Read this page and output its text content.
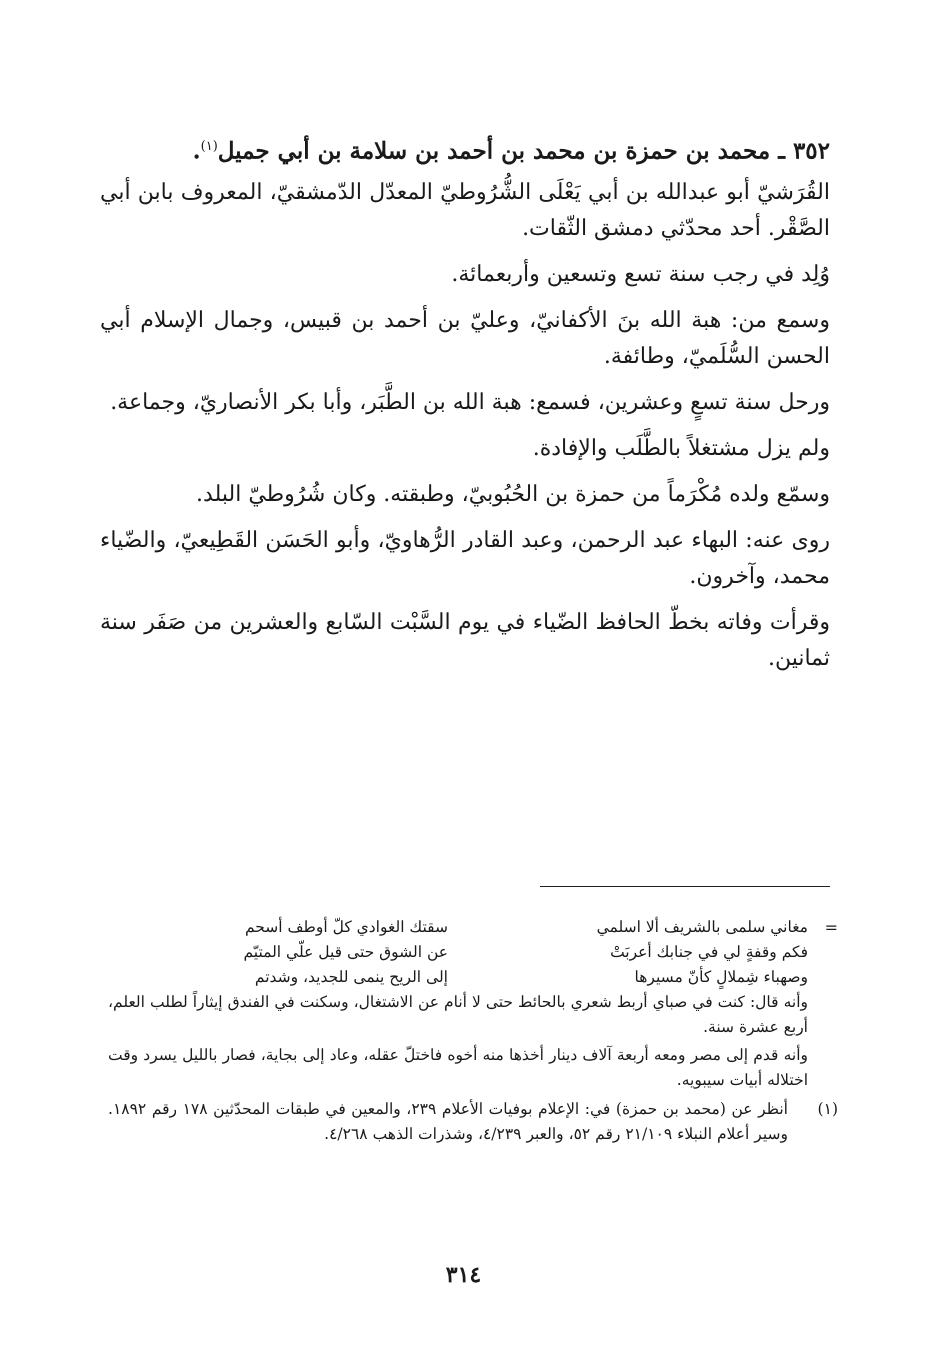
٣٥٢ ـ محمد بن حمزة بن محمد بن أحمد بن سلامة بن أبي جميل$^{(١)}$.

القُرَشيّ أبو عبدالله بن أبي يَعْلَى الشُّرُوطيّ المعدّل الدّمشقيّ، المعروف بابن أبي الصَّقْر. أحد محدّثي دمشق الثّقات.

وُلِد في رجب سنة تسع وتسعين وأربعمائة.

وسمع من: هبة الله بنَ الأكفانيّ، وعليّ بن أحمد بن قبيس، وجمال الإسلام أبي الحسن السُّلَميّ، وطائفة.

ورحل سنة تسعٍ وعشرين، فسمع: هبة الله بن الطَّبَر، وأبا بكر الأنصاريّ، وجماعة.

ولم يزل مشتغلاً بالطَّلَب والإفادة.

وسمّع ولده مُكْرَماً من حمزة بن الحُبُوبيّ، وطبقته. وكان شُرُوطيّ البلد.

روى عنه: البهاء عبد الرحمن، وعبد القادر الرُّهاويّ، وأبو الحَسَن القَطِيعيّ، والضّياء محمد، وآخرون.

وقرأت وفاته بخطّ الحافظ الضّياء في يوم السَّبْت السّابع والعشرين من صَفَر سنة ثمانين.

=
مغاني سلمى بالشريف ألا اسلمي
سقتك الغوادي كلّ أوطف أسحم
فكم وقفةٍ لي في جنابك أعربَتْ
عن الشوق حتى قيل علّي المتيّم
وصهباء شِملالٍ كأنّ مسيرها
إلى الريح ينمى للجديد، وشدتم

وأنه قال: كنت في صباي أربط شعري بالحائط حتى لا أنام عن الاشتغال، وسكنت في الفندق إيثاراً لطلب العلم، أربع عشرة سنة.

وأنه قدم إلى مصر ومعه أربعة آلاف دينار أخذها منه أخوه فاختلّ عقله، وعاد إلى بجاية، فصار بالليل يسرد وقت اختلاله أبيات سيبويه.

(١)

أنظر عن (محمد بن حمزة) في: الإعلام بوفيات الأعلام ٢٣٩، والمعين في طبقات المحدّثين ١٧٨ رقم ١٨٩٢. وسير أعلام النبلاء ٢١/١٠٩ رقم ٥٢، والعبر ٤/٢٣٩، وشذرات الذهب ٤/٢٦٨.

٣١٤
